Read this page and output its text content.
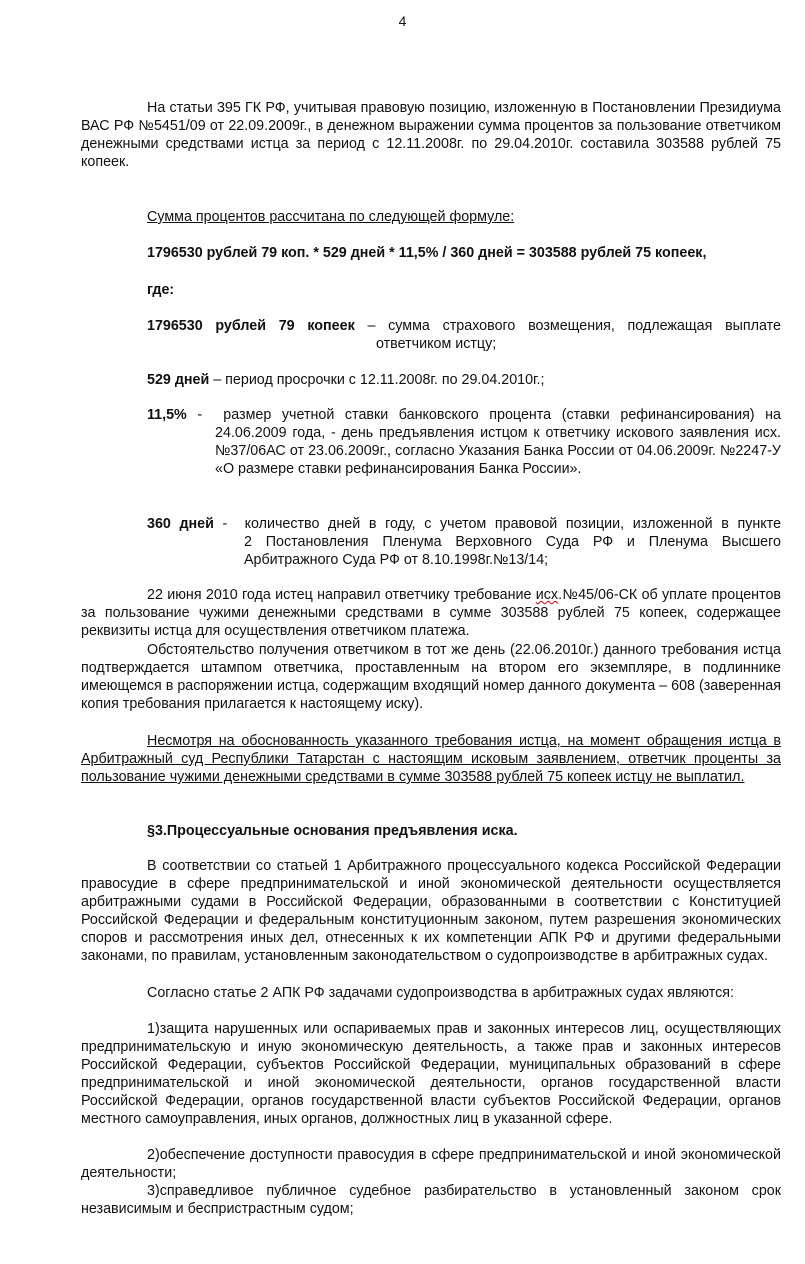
4

На статьи 395 ГК РФ, учитывая правовую позицию, изложенную в Постановлении Президиума ВАС РФ №5451/09 от 22.09.2009г., в денежном выражении сумма процентов за пользование ответчиком денежными средствами истца за период с 12.11.2008г. по 29.04.2010г. составила 303588 рублей 75 копеек.

Сумма процентов рассчитана по следующей формуле:

1796530 рублей 79 коп. * 529 дней * 11,5% / 360 дней = 303588 рублей 75 копеек,

где:

1796530 рублей 79 копеек – сумма страхового возмещения, подлежащая выплате

ответчиком истцу;

529 дней – период просрочки с 12.11.2008г. по 29.04.2010г.;

11,5% - размер учетной ставки банковского процента (ставки рефинансирования) на

24.06.2009 года, - день предъявления истцом к ответчику искового заявления исх.№37/06АС от 23.06.2009г., согласно Указания Банка России от 04.06.2009г. №2247-У «О размере ставки рефинансирования Банка России».

360 дней - количество дней в году, с учетом правовой позиции, изложенной в пункте

2 Постановления Пленума Верховного Суда РФ и Пленума Высшего Арбитражного Суда РФ от 8.10.1998г.№13/14;

22 июня 2010 года истец направил ответчику требование исх.№45/06-СК об уплате процентов за пользование чужими денежными средствами в сумме 303588 рублей 75 копеек, содержащее реквизиты истца для осуществления ответчиком платежа.

Обстоятельство получения ответчиком в тот же день (22.06.2010г.) данного требования истца подтверждается штампом ответчика, проставленным на втором его экземпляре, в подлиннике имеющемся в распоряжении истца, содержащим входящий номер данного документа – 608 (заверенная копия требования прилагается к настоящему иску).

Несмотря на обоснованность указанного требования истца, на момент обращения истца в Арбитражный суд Республики Татарстан с настоящим исковым заявлением, ответчик проценты за пользование чужими денежными средствами в сумме 303588 рублей 75 копеек истцу не выплатил.

§3.Процессуальные основания предъявления иска.

В соответствии со статьей 1 Арбитражного процессуального кодекса Российской Федерации правосудие в сфере предпринимательской и иной экономической деятельности осуществляется арбитражными судами в Российской Федерации, образованными в соответствии с Конституцией Российской Федерации и федеральным конституционным законом, путем разрешения экономических споров и рассмотрения иных дел, отнесенных к их компетенции АПК РФ и другими федеральными законами, по правилам, установленным законодательством о судопроизводстве в арбитражных судах.

Согласно статье 2 АПК РФ задачами судопроизводства в арбитражных судах являются:

1)защита нарушенных или оспариваемых прав и законных интересов лиц, осуществляющих предпринимательскую и иную экономическую деятельность, а также прав и законных интересов Российской Федерации, субъектов Российской Федерации, муниципальных образований в сфере предпринимательской и иной экономической деятельности, органов государственной власти Российской Федерации, органов государственной власти субъектов Российской Федерации, органов местного самоуправления, иных органов, должностных лиц в указанной сфере.

2)обеспечение доступности правосудия в сфере предпринимательской и иной экономической деятельности;

3)справедливое публичное судебное разбирательство в установленный законом срок независимым и беспристрастным судом;
